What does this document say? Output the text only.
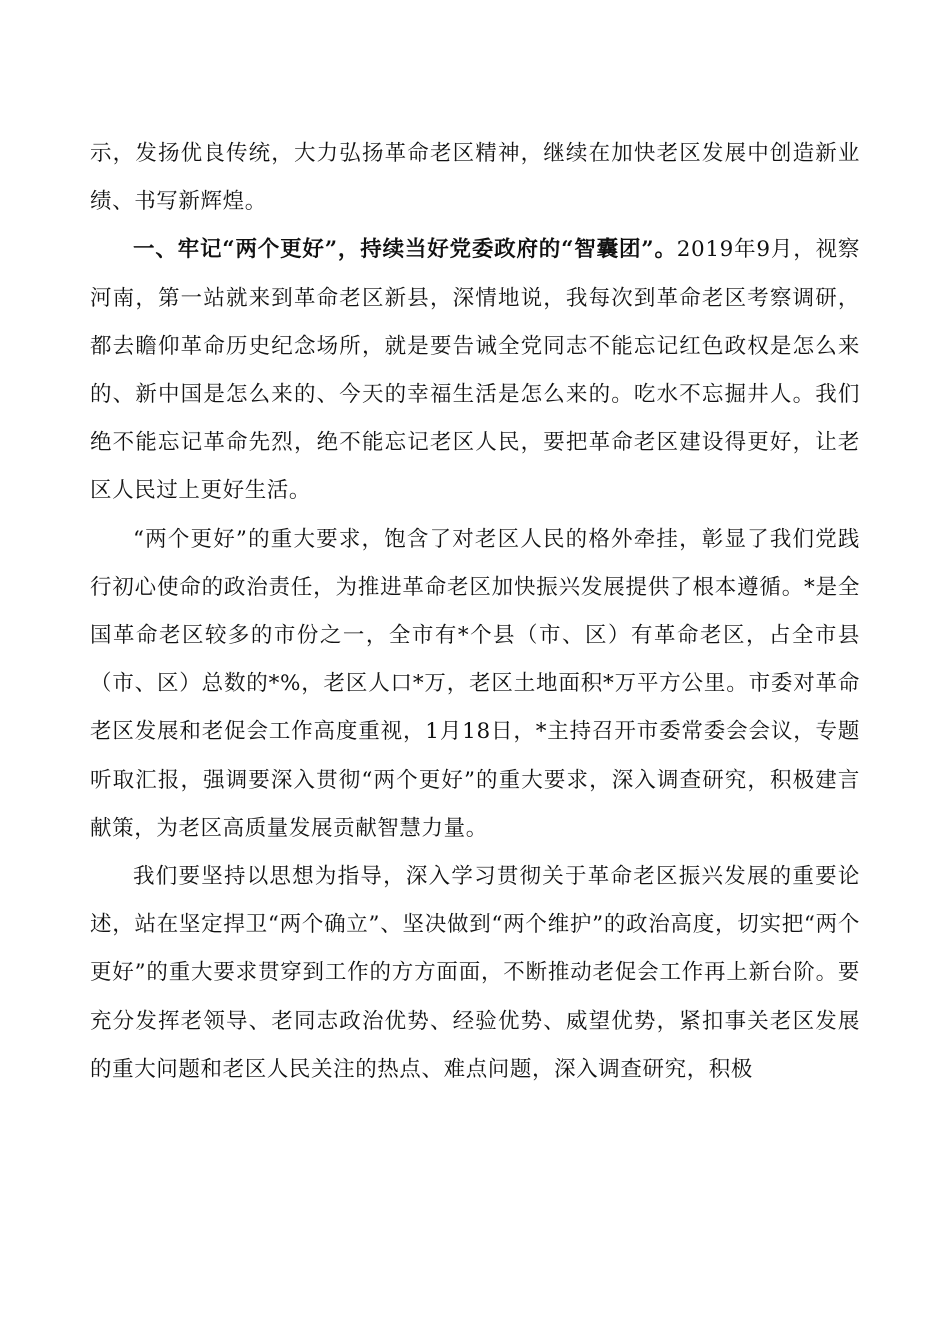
示，发扬优良传统，大力弘扬革命老区精神，继续在加快老区发展中创造新业绩、书写新辉煌。

一、牢记“两个更好”，持续当好党委政府的“智囊团”。2019年9月，视察河南，第一站就来到革命老区新县，深情地说，我每次到革命老区考察调研，都去瞻仰革命历史纪念场所，就是要告诫全党同志不能忘记红色政权是怎么来的、新中国是怎么来的、今天的幸福生活是怎么来的。吃水不忘掘井人。我们绝不能忘记革命先烈，绝不能忘记老区人民，要把革命老区建设得更好，让老区人民过上更好生活。

“两个更好”的重大要求，饱含了对老区人民的格外牵挂，彰显了我们党践行初心使命的政治责任，为推进革命老区加快振兴发展提供了根本遵循。*是全国革命老区较多的市份之一，全市有*个县（市、区）有革命老区，占全市县（市、区）总数的*%，老区人口*万，老区土地面积*万平方公里。市委对革命老区发展和老促会工作高度重视，1月18日，*主持召开市委常委会会议，专题听取汇报，强调要深入贯彻“两个更好”的重大要求，深入调查研究，积极建言献策，为老区高质量发展贡献智慧力量。

我们要坚持以思想为指导，深入学习贯彻关于革命老区振兴发展的重要论述，站在坚定捍卫“两个确立”、坚决做到“两个维护”的政治高度，切实把“两个更好”的重大要求贯穿到工作的方方面面，不断推动老促会工作再上新台阶。要充分发挥老领导、老同志政治优势、经验优势、威望优势，紧扣事关老区发展的重大问题和老区人民关注的热点、难点问题，深入调查研究，积极
